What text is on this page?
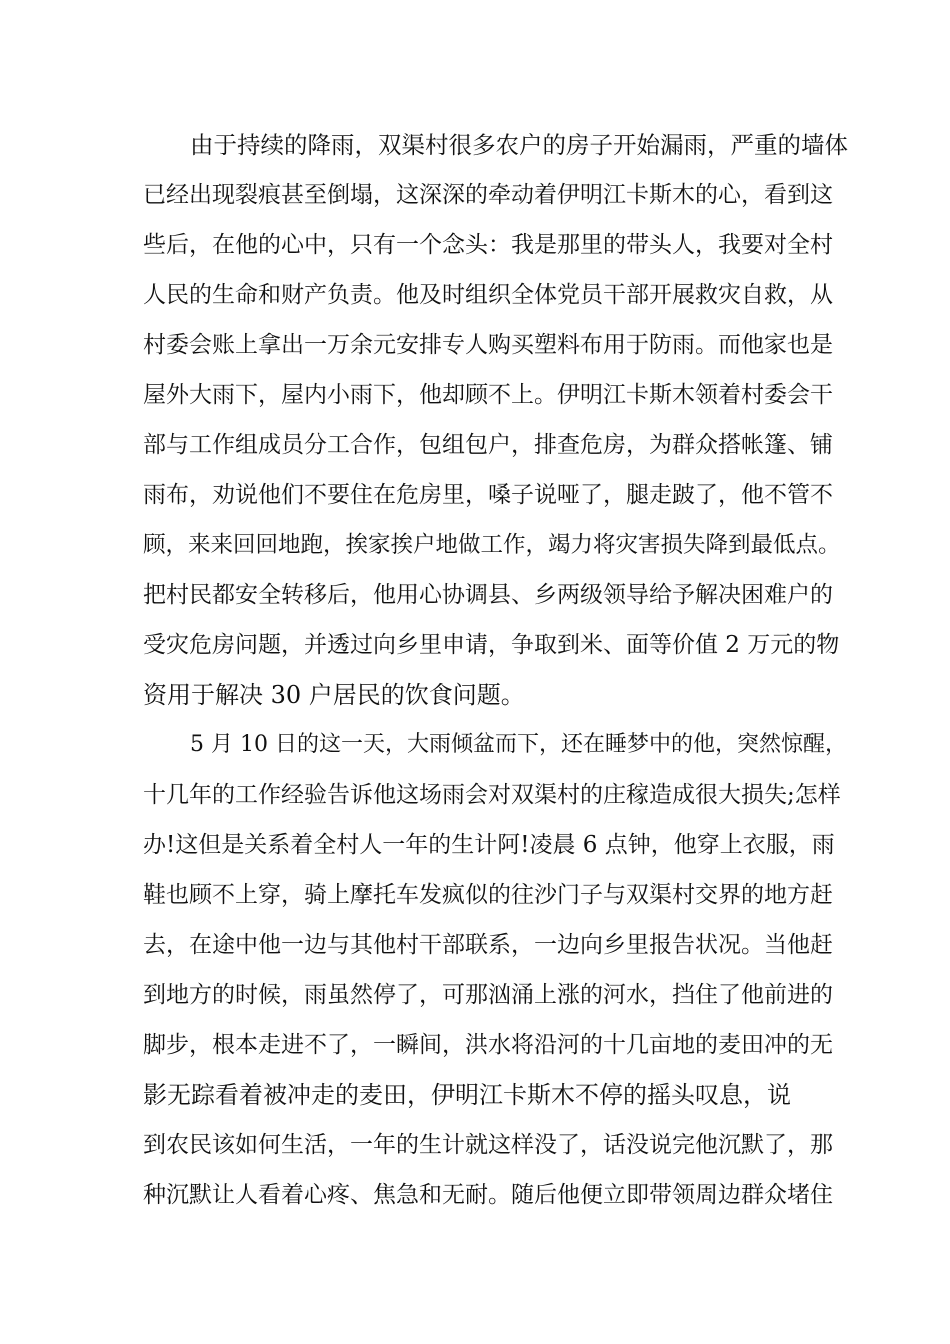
由于持续的降雨，双渠村很多农户的房子开始漏雨，严重的墙体
已经出现裂痕甚至倒塌，这深深的牵动着伊明江卡斯木的心，看到这
些后，在他的心中，只有一个念头：我是那里的带头人，我要对全村
人民的生命和财产负责。他及时组织全体党员干部开展救灾自救，从
村委会账上拿出一万余元安排专人购买塑料布用于防雨。而他家也是
屋外大雨下，屋内小雨下，他却顾不上。伊明江卡斯木领着村委会干
部与工作组成员分工合作，包组包户，排查危房，为群众搭帐篷、铺
雨布，劝说他们不要住在危房里，嗓子说哑了，腿走跛了，他不管不
顾，来来回回地跑，挨家挨户地做工作，竭力将灾害损失降到最低点。
把村民都安全转移后，他用心协调县、乡两级领导给予解决困难户的
受灾危房问题，并透过向乡里申请，争取到米、面等价值 2 万元的物
资用于解决 30 户居民的饮食问题。
5 月 10 日的这一天，大雨倾盆而下，还在睡梦中的他，突然惊醒，
十几年的工作经验告诉他这场雨会对双渠村的庄稼造成很大损失;怎样
办!这但是关系着全村人一年的生计阿!凌晨 6 点钟，他穿上衣服，雨
鞋也顾不上穿，骑上摩托车发疯似的往沙门子与双渠村交界的地方赶
去，在途中他一边与其他村干部联系，一边向乡里报告状况。当他赶
到地方的时候，雨虽然停了，可那汹涌上涨的河水，挡住了他前进的
脚步，根本走进不了，一瞬间，洪水将沿河的十几亩地的麦田冲的无
影无踪看着被冲走的麦田，伊明江卡斯木不停的摇头叹息，说
到农民该如何生活，一年的生计就这样没了，话没说完他沉默了，那
种沉默让人看着心疼、焦急和无耐。随后他便立即带领周边群众堵住
